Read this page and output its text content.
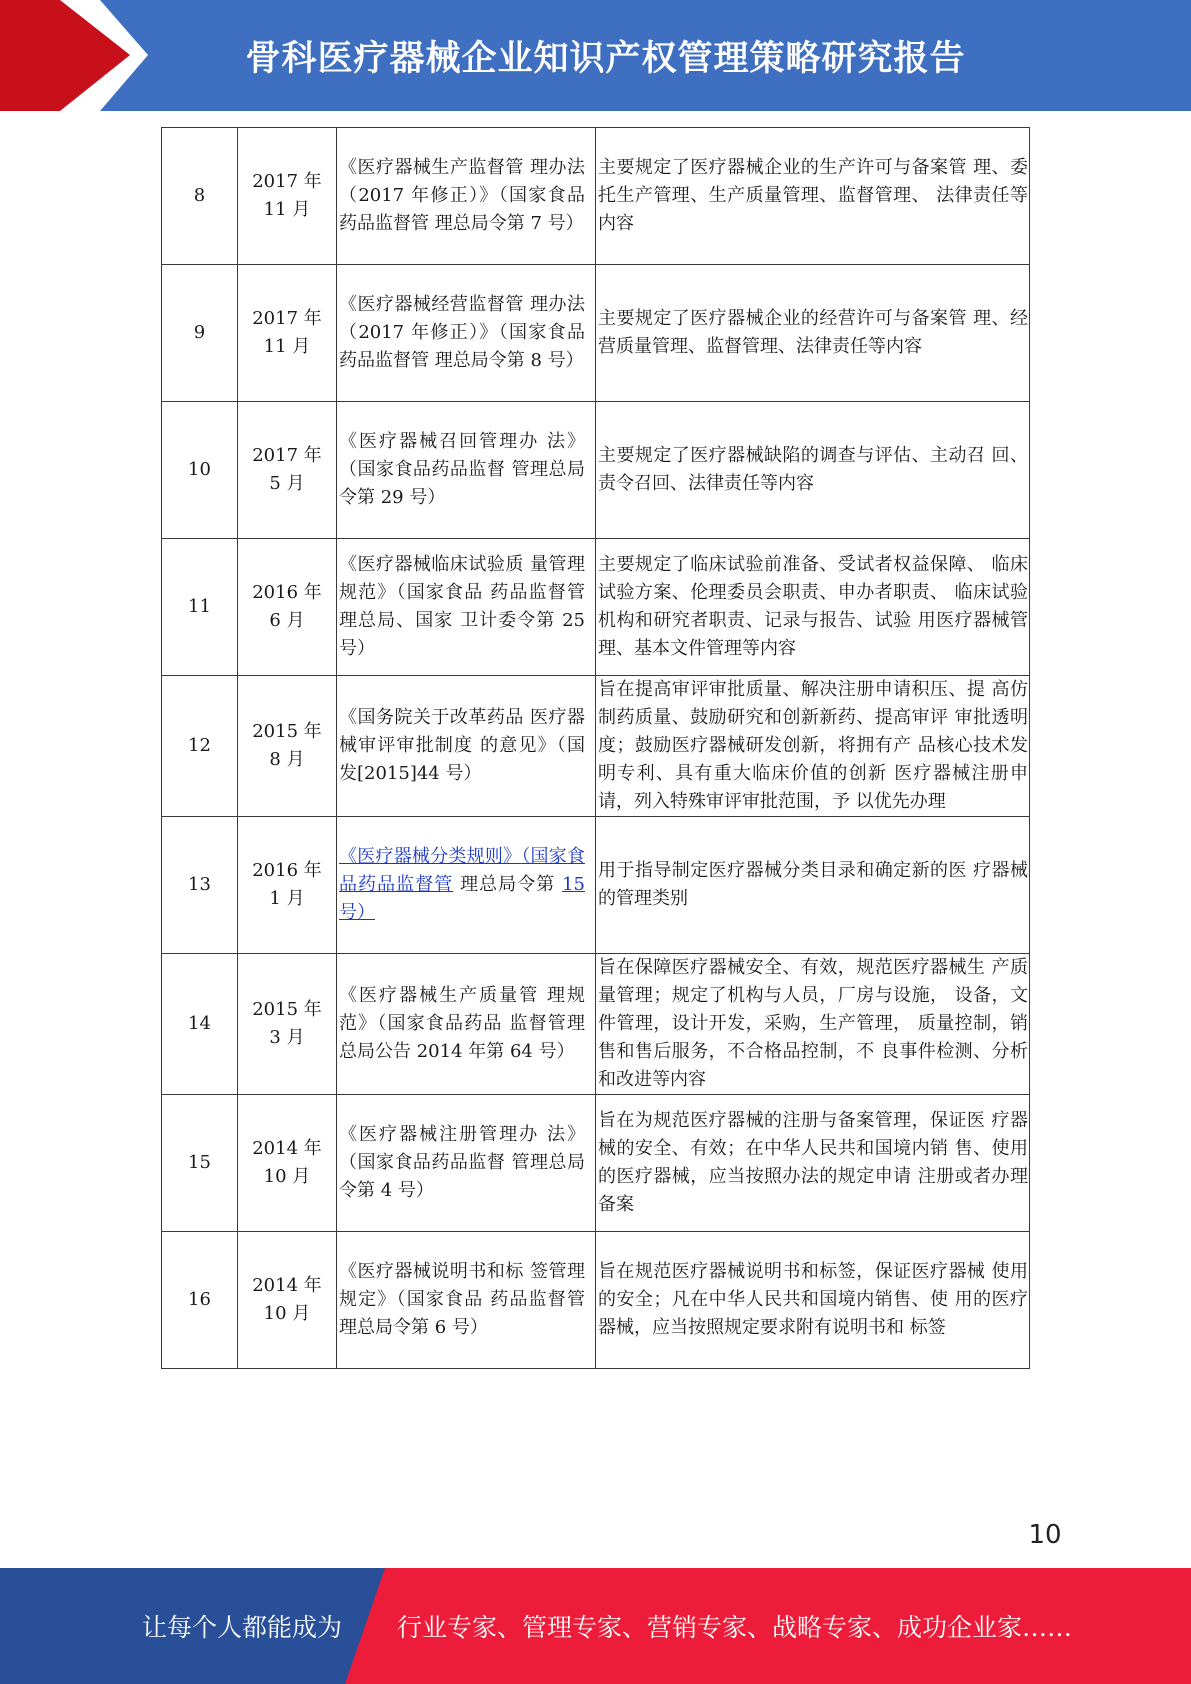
骨科医疗器械企业知识产权管理策略研究报告
8	2017 年 11 月	《医疗器械生产监督管 理办法（2017 年修正）》（国家食品药品监督管 理总局令第 7 号）	主要规定了医疗器械企业的生产许可与备案管 理、委托生产管理、生产质量管理、监督管理、 法律责任等内容
9	2017 年 11 月	《医疗器械经营监督管 理办法（2017 年修正）》（国家食品药品监督管 理总局令第 8 号）	主要规定了医疗器械企业的经营许可与备案管 理、经营质量管理、监督管理、法律责任等内容
10	2017 年 5 月	《医疗器械召回管理办 法》（国家食品药品监督 管理总局令第 29 号）	主要规定了医疗器械缺陷的调查与评估、主动召 回、责令召回、法律责任等内容
11	2016 年 6 月	《医疗器械临床试验质 量管理规范》（国家食品 药品监督管理总局、国家 卫计委令第 25 号）	主要规定了临床试验前准备、受试者权益保障、 临床试验方案、伦理委员会职责、申办者职责、 临床试验机构和研究者职责、记录与报告、试验 用医疗器械管理、基本文件管理等内容
12	2015 年 8 月	《国务院关于改革药品 医疗器械审评审批制度 的意见》（国发[2015]44 号）	旨在提高审评审批质量、解决注册申请积压、提 高仿制药质量、鼓励研究和创新新药、提高审评 审批透明度；鼓励医疗器械研发创新，将拥有产 品核心技术发明专利、具有重大临床价值的创新 医疗器械注册申请，列入特殊审评审批范围，予 以优先办理
13	2016 年 1 月	《医疗器械分类规则》（国家食品药品监督管 理总局令第 15 号）	用于指导制定医疗器械分类目录和确定新的医 疗器械的管理类别
14	2015 年 3 月	《医疗器械生产质量管 理规范》（国家食品药品 监督管理总局公告 2014 年第 64 号）	旨在保障医疗器械安全、有效，规范医疗器械生 产质量管理；规定了机构与人员，厂房与设施， 设备，文件管理，设计开发，采购，生产管理， 质量控制，销售和售后服务，不合格品控制，不 良事件检测、分析和改进等内容
15	2014 年 10 月	《医疗器械注册管理办 法》（国家食品药品监督 管理总局令第 4 号）	旨在为规范医疗器械的注册与备案管理，保证医 疗器械的安全、有效；在中华人民共和国境内销 售、使用的医疗器械，应当按照办法的规定申请 注册或者办理备案
16	2014 年 10 月	《医疗器械说明书和标 签管理规定》（国家食品 药品监督管理总局令第 6 号）	旨在规范医疗器械说明书和标签，保证医疗器械 使用的安全；凡在中华人民共和国境内销售、使 用的医疗器械，应当按照规定要求附有说明书和 标签
10
让每个人都能成为 行业专家、管理专家、营销专家、战略专家、成功企业家……
